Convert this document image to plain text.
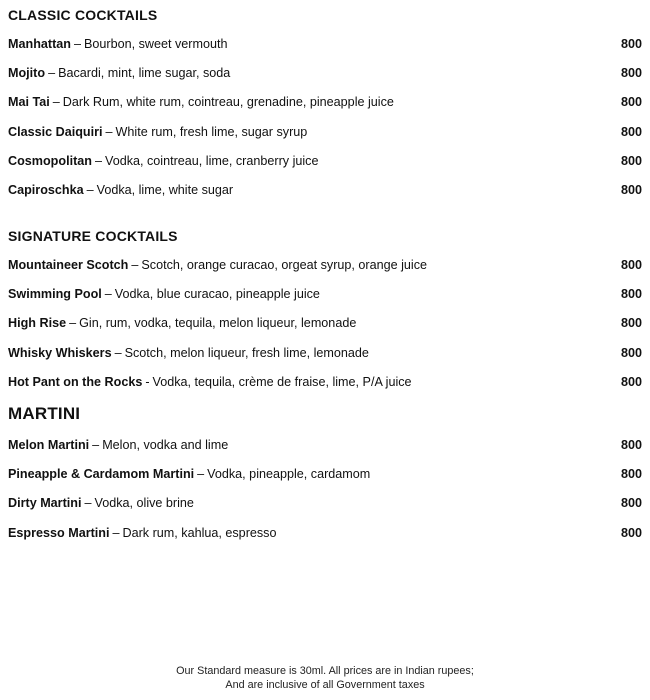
CLASSIC COCKTAILS
Manhattan – Bourbon, sweet vermouth	800
Mojito – Bacardi, mint, lime sugar, soda	800
Mai Tai – Dark Rum, white rum, cointreau, grenadine, pineapple juice	800
Classic Daiquiri – White rum, fresh lime, sugar syrup	800
Cosmopolitan – Vodka, cointreau, lime, cranberry juice	800
Capiroschka – Vodka, lime, white sugar	800
SIGNATURE COCKTAILS
Mountaineer Scotch – Scotch, orange curacao, orgeat syrup, orange juice	800
Swimming Pool – Vodka, blue curacao, pineapple juice	800
High Rise – Gin, rum, vodka, tequila, melon liqueur, lemonade	800
Whisky Whiskers – Scotch, melon liqueur, fresh lime, lemonade	800
Hot Pant on the Rocks - Vodka, tequila, crème de fraise, lime, P/A juice	800
MARTINI
Melon Martini – Melon, vodka and lime	800
Pineapple & Cardamom Martini – Vodka, pineapple, cardamom	800
Dirty Martini – Vodka, olive brine	800
Espresso Martini – Dark rum, kahlua, espresso	800
Our Standard measure is 30ml. All prices are in Indian rupees;
And are inclusive of all Government taxes
